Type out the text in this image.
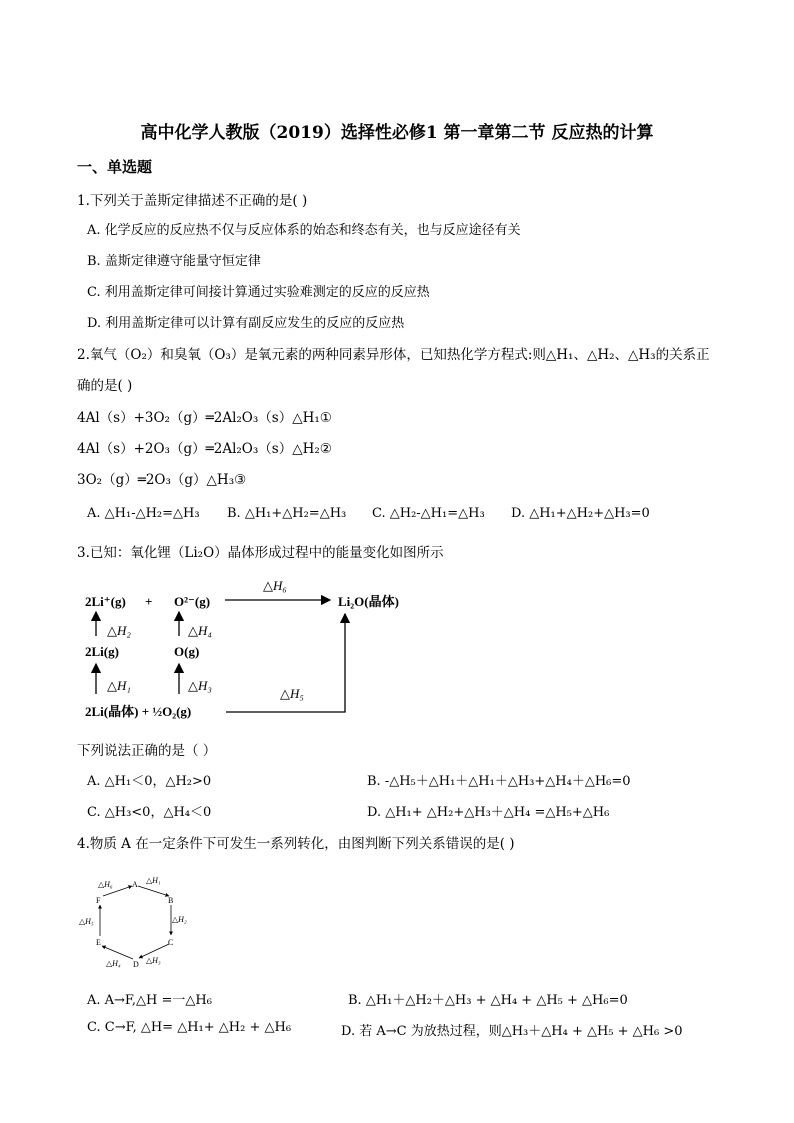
高中化学人教版（2019）选择性必修1 第一章第二节 反应热的计算
一、单选题
1.下列关于盖斯定律描述不正确的是( )
A. 化学反应的反应热不仅与反应体系的始态和终态有关，也与反应途径有关
B. 盖斯定律遵守能量守恒定律
C. 利用盖斯定律可间接计算通过实验难测定的反应的反应热
D. 利用盖斯定律可以计算有副反应发生的反应的反应热
2.氧气（O₂）和臭氧（O₃）是氧元素的两种同素异形体，已知热化学方程式:则△H₁、△H₂、△H₃的关系正
确的是( )
4Al（s）+3O₂（g）═2Al₂O₃（s）△H₁①
4Al（s）+2O₃（g）═2Al₂O₃（s）△H₂②
3O₂（g）═2O₃（g）△H₃③
A. △H₁-△H₂=△H₃ B. △H₁+△H₂=△H₃ C. △H₂-△H₁=△H₃ D. △H₁+△H₂+△H₃=0
3.已知：氧化锂（Li₂O）晶体形成过程中的能量变化如图所示
2Li⁺(g) + O²⁻(g)	Li₂O(晶体)
2Li(g)	O(g)
2Li(晶体) + ½O₂(g)
△H₆
△H₂	△H₄
△H₁	△H₃
△H₅
下列说法正确的是（ ）
A. △H₁＜0，△H₂>0	B. -△H₅＋△H₁＋△H₁＋△H₃+△H₄＋△H₆=0
C. △H₃<0，△H₄＜0	D. △H₁+ △H₂+△H₃＋△H₄ =△H₅+△H₆
4.物质 A 在一定条件下可发生一系列转化，由图判断下列关系错误的是( )
A
B
C
D
E
F
△H₁
△H₂
△H₃
△H₄
△H₅
△H₆
A. A→F,△H =一△H₆	B. △H₁＋△H₂＋△H₃ + △H₄ + △H₅ + △H₆=0
C. C→F, △H= △H₁+ △H₂ + △H₆	D. 若 A→C 为放热过程，则△H₃＋△H₄ + △H₅ + △H₆ >0
